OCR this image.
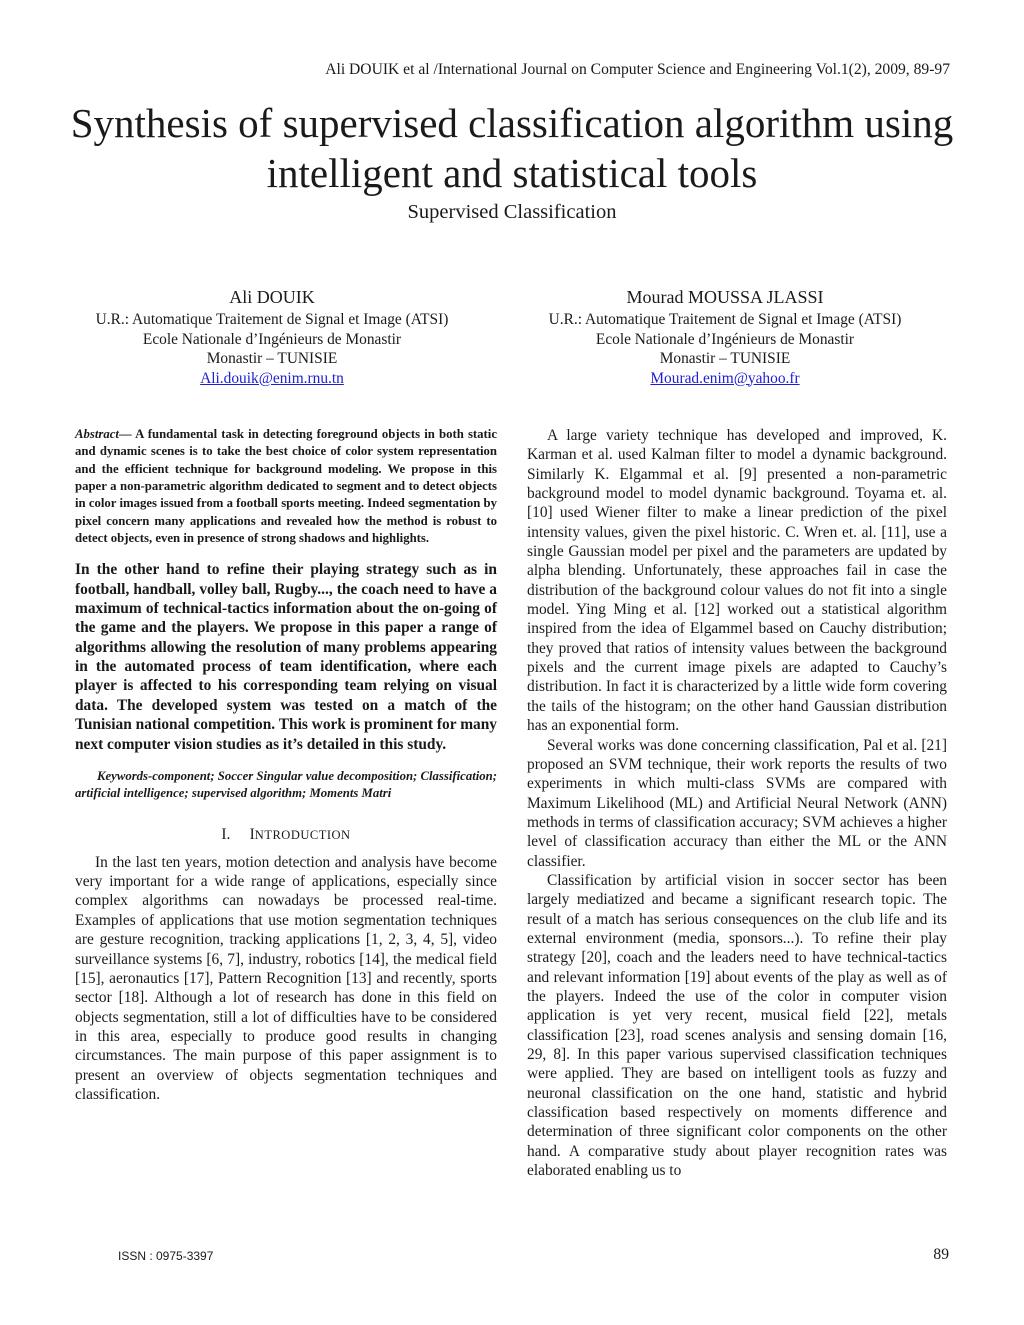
Ali DOUIK et al /International Journal on Computer Science and Engineering Vol.1(2), 2009, 89-97
Synthesis of supervised classification algorithm using
intelligent and statistical tools
Supervised Classification
Ali DOUIK
U.R.: Automatique Traitement de Signal et Image (ATSI)
Ecole Nationale d’Ingénieurs de Monastir
Monastir – TUNISIE
Ali.douik@enim.rnu.tn
Mourad MOUSSA JLASSI
U.R.: Automatique Traitement de Signal et Image (ATSI)
Ecole Nationale d’Ingénieurs de Monastir
Monastir – TUNISIE
Mourad.enim@yahoo.fr

Abstract— A fundamental task in detecting foreground objects in both static and dynamic scenes is to take the best choice of color system representation and the efficient technique for background modeling. We propose in this paper a non-parametric algorithm dedicated to segment and to detect objects in color images issued from a football sports meeting. Indeed segmentation by pixel concern many applications and revealed how the method is robust to detect objects, even in presence of strong shadows and highlights.

In the other hand to refine their playing strategy such as in football, handball, volley ball, Rugby..., the coach need to have a maximum of technical-tactics information about the on-going of the game and the players. We propose in this paper a range of algorithms allowing the resolution of many problems appearing in the automated process of team identification, where each player is affected to his corresponding team relying on visual data. The developed system was tested on a match of the Tunisian national competition. This work is prominent for many next computer vision studies as it’s detailed in this study.

Keywords-component; Soccer Singular value decomposition; Classification; artificial intelligence; supervised algorithm; Moments Matri

I. INTRODUCTION

In the last ten years, motion detection and analysis have become very important for a wide range of applications, especially since complex algorithms can nowadays be processed real-time. Examples of applications that use motion segmentation techniques are gesture recognition, tracking applications [1, 2, 3, 4, 5], video surveillance systems [6, 7], industry, robotics [14], the medical field [15], aeronautics [17], Pattern Recognition [13] and recently, sports sector [18]. Although a lot of research has done in this field on objects segmentation, still a lot of difficulties have to be considered in this area, especially to produce good results in changing circumstances. The main purpose of this paper assignment is to present an overview of objects segmentation techniques and classification.

A large variety technique has developed and improved, K. Karman et al. used Kalman filter to model a dynamic background. Similarly K. Elgammal et al. [9] presented a non-parametric background model to model dynamic background. Toyama et. al. [10] used Wiener filter to make a linear prediction of the pixel intensity values, given the pixel historic. C. Wren et. al. [11], use a single Gaussian model per pixel and the parameters are updated by alpha blending. Unfortunately, these approaches fail in case the distribution of the background colour values do not fit into a single model. Ying Ming et al. [12] worked out a statistical algorithm inspired from the idea of Elgammel based on Cauchy distribution; they proved that ratios of intensity values between the background pixels and the current image pixels are adapted to Cauchy’s distribution. In fact it is characterized by a little wide form covering the tails of the histogram; on the other hand Gaussian distribution has an exponential form.

Several works was done concerning classification, Pal et al. [21] proposed an SVM technique, their work reports the results of two experiments in which multi-class SVMs are compared with Maximum Likelihood (ML) and Artificial Neural Network (ANN) methods in terms of classification accuracy; SVM achieves a higher level of classification accuracy than either the ML or the ANN classifier.

Classification by artificial vision in soccer sector has been largely mediatized and became a significant research topic. The result of a match has serious consequences on the club life and its external environment (media, sponsors...). To refine their play strategy [20], coach and the leaders need to have technical-tactics and relevant information [19] about events of the play as well as of the players. Indeed the use of the color in computer vision application is yet very recent, musical field [22], metals classification [23], road scenes analysis and sensing domain [16, 29, 8]. In this paper various supervised classification techniques were applied. They are based on intelligent tools as fuzzy and neuronal classification on the one hand, statistic and hybrid classification based respectively on moments difference and determination of three significant color components on the other hand. A comparative study about player recognition rates was elaborated enabling us to

ISSN : 0975-3397	89
